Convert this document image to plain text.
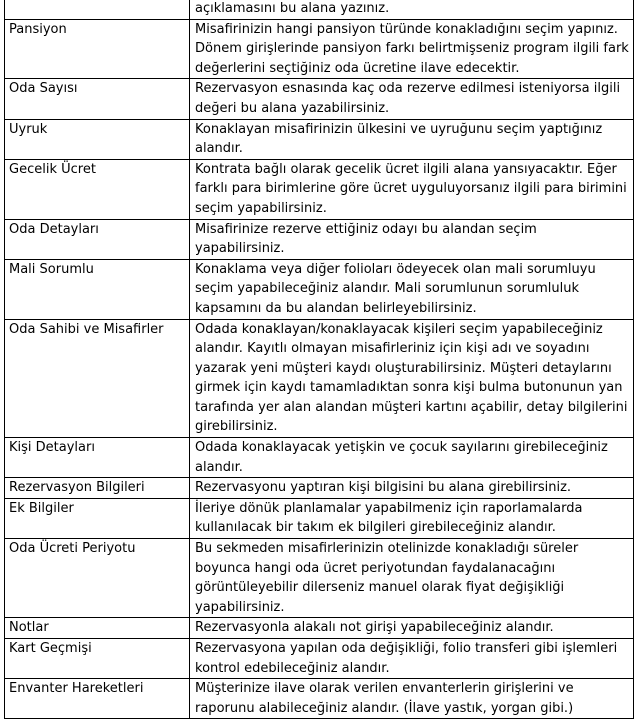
	açıklamasını bu alana yazınız.
Pansiyon	Misafirinizin hangi pansiyon türünde konakladığını seçim yapınız. Dönem girişlerinde pansiyon farkı belirtmişseniz program ilgili fark değerlerini seçtiğiniz oda ücretine ilave edecektir.
Oda Sayısı	Rezervasyon esnasında kaç oda rezerve edilmesi isteniyorsa ilgili değeri bu alana yazabilirsiniz.
Uyruk	Konaklayan misafirinizin ülkesini ve uyruğunu seçim yaptığınız alandır.
Gecelik Ücret	Kontrata bağlı olarak gecelik ücret ilgili alana yansıyacaktır. Eğer farklı para birimlerine göre ücret uyguluyorsanız ilgili para birimini seçim yapabilirsiniz.
Oda Detayları	Misafirinize rezerve ettiğiniz odayı bu alandan seçim yapabilirsiniz.
Mali Sorumlu	Konaklama veya diğer folioları ödeyecek olan mali sorumluyu seçim yapabileceğiniz alandır. Mali sorumlunun sorumluluk kapsamını da bu alandan belirleyebilirsiniz.
Oda Sahibi ve Misafirler	Odada konaklayan/konaklayacak kişileri seçim yapabileceğiniz alandır. Kayıtlı olmayan misafirleriniz için kişi adı ve soyadını yazarak yeni müşteri kaydı oluşturabilirsiniz. Müşteri detaylarını girmek için kaydı tamamladıktan sonra kişi bulma butonunun yan tarafında yer alan alandan müşteri kartını açabilir, detay bilgilerini girebilirsiniz.
Kişi Detayları	Odada konaklayacak yetişkin ve çocuk sayılarını girebileceğiniz alandır.
Rezervasyon Bilgileri	Rezervasyonu yaptıran kişi bilgisini bu alana girebilirsiniz.
Ek Bilgiler	İleriye dönük planlamalar yapabilmeniz için raporlamalarda kullanılacak bir takım ek bilgileri girebileceğiniz alandır.
Oda Ücreti Periyotu	Bu sekmeden misafirlerinizin otelinizde konakladığı süreler boyunca hangi oda ücret periyotundan faydalanacağını görüntüleyebilir dilerseniz manuel olarak fiyat değişikliği yapabilirsiniz.
Notlar	Rezervasyonla alakalı not girişi yapabileceğiniz alandır.
Kart Geçmişi	Rezervasyona yapılan oda değişikliği, folio transferi gibi işlemleri kontrol edebileceğiniz alandır.
Envanter Hareketleri	Müşterinize ilave olarak verilen envanterlerin girişlerini ve raporunu alabileceğiniz alandır. (İlave yastık, yorgan gibi.)
